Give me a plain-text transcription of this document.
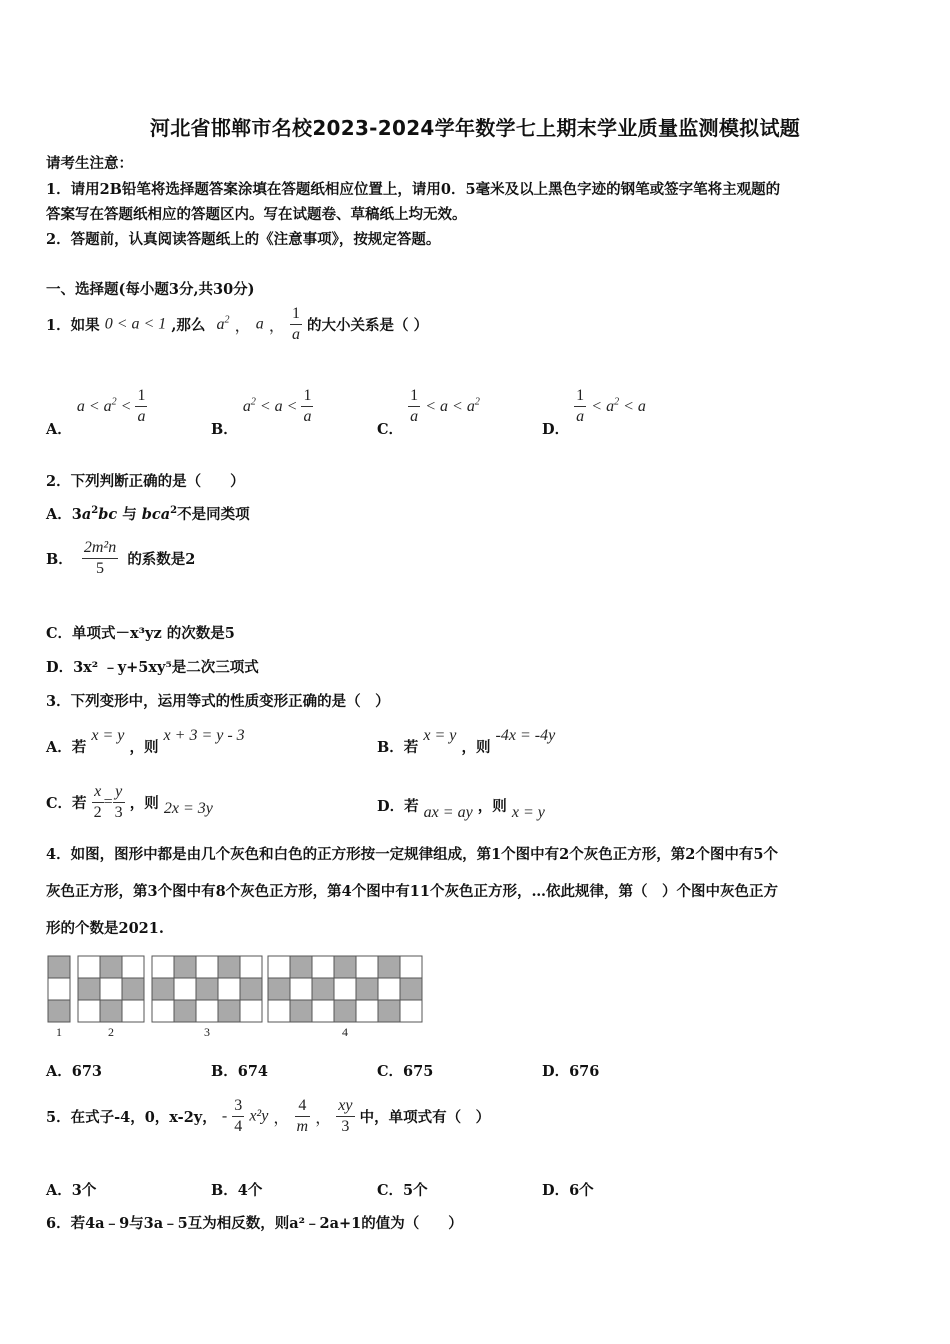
河北省邯郸市名校2023-2024学年数学七上期末学业质量监测模拟试题
请考生注意：
1．请用2B铅笔将选择题答案涂填在答题纸相应位置上，请用0．5毫米及以上黑色字迹的钢笔或签字笔将主观题的
答案写在答题纸相应的答题区内。写在试题卷、草稿纸上均无效。
2．答题前，认真阅读答题纸上的《注意事项》，按规定答题。
一、选择题(每小题3分,共30分)
1．如果 0 < a < 1 ,那么 $a^2$ ， a ， $\frac{1}{a}$ 的大小关系是（ ）
A． $a < a^2 < \frac{1}{a}$
B． $a^2 < a < \frac{1}{a}$
C．
$\frac{1}{a} < a < a^2$
D．
$\frac{1}{a} < a^2 < a$
2．下列判断正确的是（　　）
A．$3a^2bc$ 与 bca$^2$不是同类项
B． $\frac{\text{2m²n}}{5}$ 的系数是2
C．单项式－x³yz 的次数是5
D．3x² ﹣y+5xy⁵是二次三项式
3．下列变形中，运用等式的性质变形正确的是（　）
A．若 x = y ，则 x + 3 = y - 3
B．若 x = y ，则 -4x = -4y
C．若 $\frac{x}{2} = \frac{y}{3}$ ，则 2x = 3y	D．若 ax = ay ，则 x = y
4．如图，图形中都是由几个灰色和白色的正方形按一定规律组成，第1个图中有2个灰色正方形，第2个图中有5个
灰色正方形，第3个图中有8个灰色正方形，第4个图中有11个灰色正方形，…依此规律，第（　）个图中灰色正方
形的个数是2021.
1	2	3	4
A．673	B．674	C．675	D．676
5．在式子-4，0，x-2y， - $\frac{3}{4} x^2y$ ， $\frac{4}{m}$ ， $\frac{xy}{3}$ 中，单项式有（　）
A．3个	B．4个	C．5个	D．6个
6．若4a﹣9与3a﹣5互为相反数，则a²﹣2a+1的值为（　　）
